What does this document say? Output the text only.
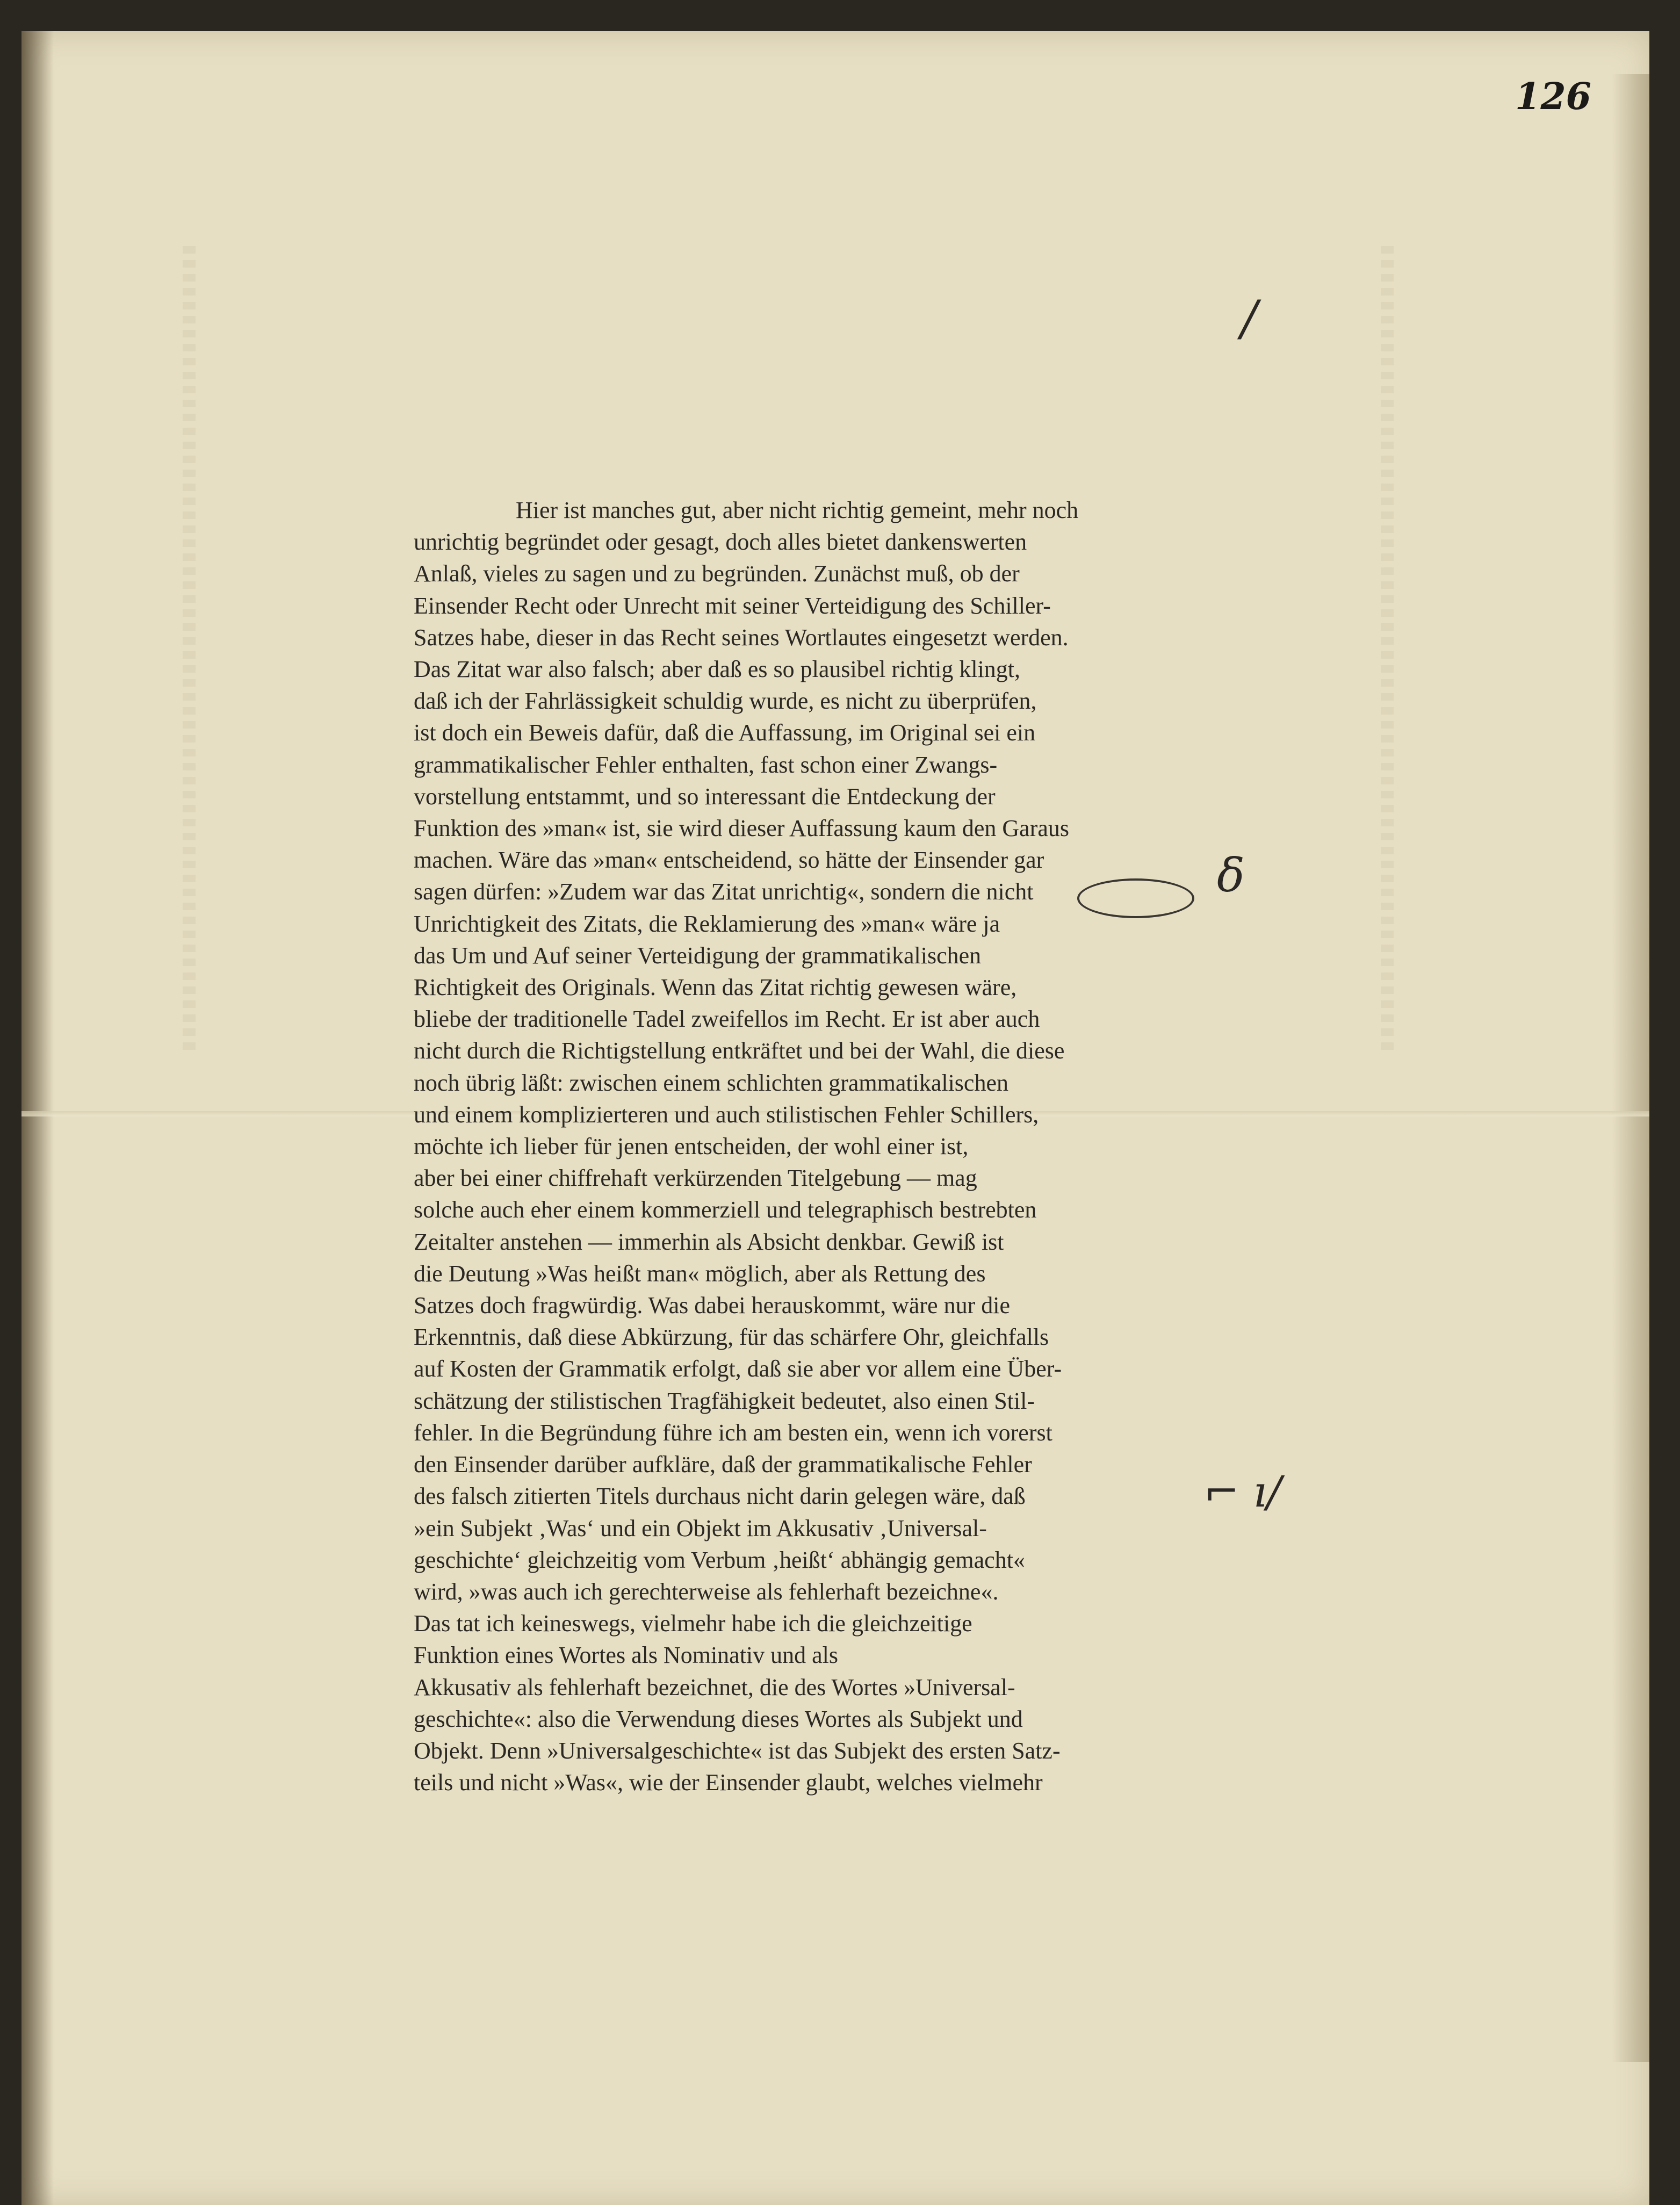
126
/
δ
⌐ ı/
Hier ist manches gut, aber nicht richtig gemeint, mehr noch
unrichtig begründet oder gesagt, doch alles bietet dankenswerten
Anlaß, vieles zu sagen und zu begründen. Zunächst muß, ob der
Einsender Recht oder Unrecht mit seiner Verteidigung des Schiller-
Satzes habe, dieser in das Recht seines Wortlautes eingesetzt werden.
Das Zitat war also falsch; aber daß es so plausibel richtig klingt,
daß ich der Fahrlässigkeit schuldig wurde, es nicht zu überprüfen,
ist doch ein Beweis dafür, daß die Auffassung, im Original sei ein
grammatikalischer Fehler enthalten, fast schon einer Zwangs-
vorstellung entstammt, und so interessant die Entdeckung der
Funktion des »man« ist, sie wird dieser Auffassung kaum den Garaus
machen. Wäre das »man« entscheidend, so hätte der Einsender gar
sagen dürfen: »Zudem war das Zitat unrichtig«, sondern die nicht
Unrichtigkeit des Zitats, die Reklamierung des »man« wäre ja
das Um und Auf seiner Verteidigung der grammatikalischen
Richtigkeit des Originals. Wenn das Zitat richtig gewesen wäre,
bliebe der traditionelle Tadel zweifellos im Recht. Er ist aber auch
nicht durch die Richtigstellung entkräftet und bei der Wahl, die diese
noch übrig läßt: zwischen einem schlichten grammatikalischen
und einem komplizierteren und auch stilistischen Fehler Schillers,
möchte ich lieber für jenen entscheiden, der wohl einer ist,
aber bei einer chiffrehaft verkürzenden Titelgebung — mag
solche auch eher einem kommerziell und telegraphisch bestrebten
Zeitalter anstehen — immerhin als Absicht denkbar. Gewiß ist
die Deutung »Was heißt man« möglich, aber als Rettung des
Satzes doch fragwürdig. Was dabei herauskommt, wäre nur die
Erkenntnis, daß diese Abkürzung, für das schärfere Ohr, gleichfalls
auf Kosten der Grammatik erfolgt, daß sie aber vor allem eine Über-
schätzung der stilistischen Tragfähigkeit bedeutet, also einen Stil-
fehler. In die Begründung führe ich am besten ein, wenn ich vorerst
den Einsender darüber aufkläre, daß der grammatikalische Fehler
des falsch zitierten Titels durchaus nicht darin gelegen wäre, daß
»ein Subjekt ‚Was‘ und ein Objekt im Akkusativ ‚Universal-
geschichte‘ gleichzeitig vom Verbum ‚heißt‘ abhängig gemacht«
wird, »was auch ich gerechterweise als fehlerhaft bezeichne«.
Das tat ich keineswegs, vielmehr habe ich die gleichzeitige
Funktion eines Wortes als Nominativ und als
Akkusativ als fehlerhaft bezeichnet, die des Wortes »Universal-
geschichte«: also die Verwendung dieses Wortes als Subjekt und
Objekt. Denn »Universalgeschichte« ist das Subjekt des ersten Satz-
teils und nicht »Was«, wie der Einsender glaubt, welches vielmehr
